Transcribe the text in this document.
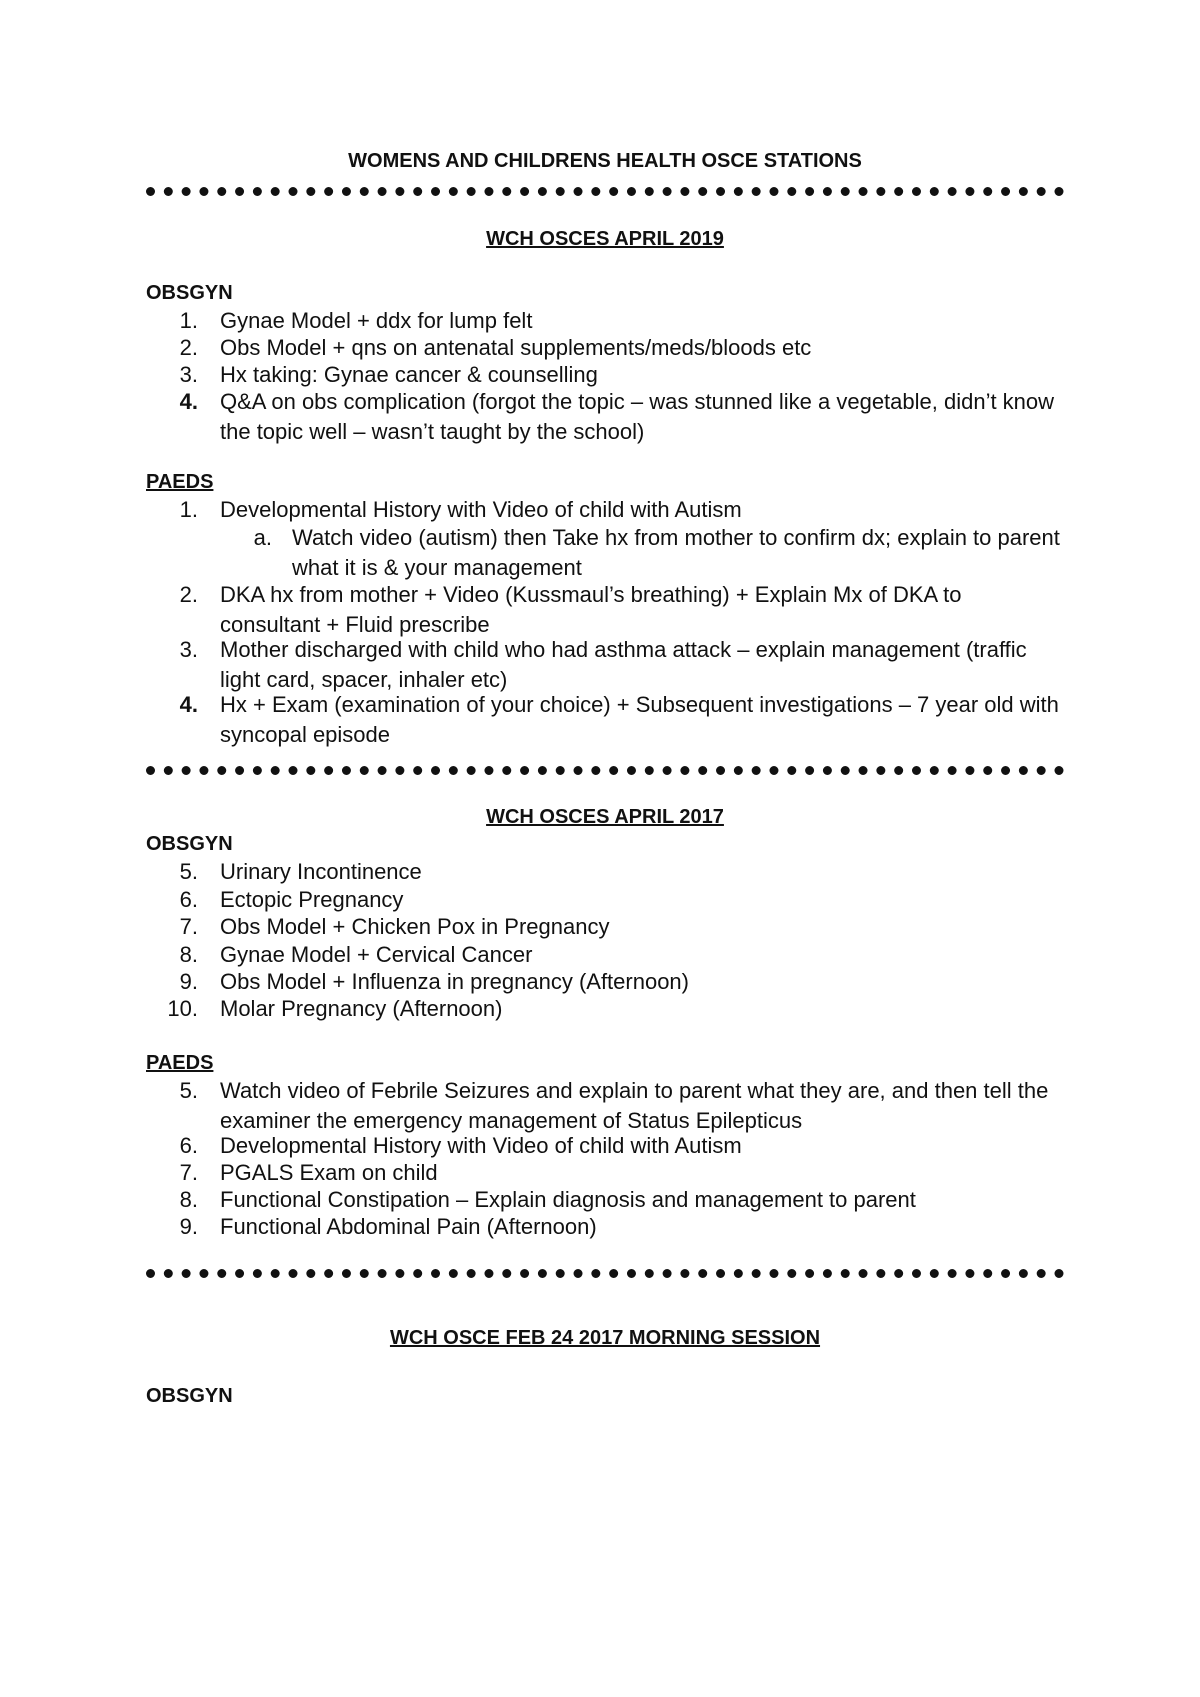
WOMENS AND CHILDRENS HEALTH OSCE STATIONS
WCH OSCES APRIL 2019
OBSGYN
1. Gynae Model + ddx for lump felt
2. Obs Model + qns on antenatal supplements/meds/bloods etc
3. Hx taking: Gynae cancer & counselling
4. Q&A on obs complication (forgot the topic – was stunned like a vegetable, didn’t know the topic well – wasn’t taught by the school)
PAEDS
1. Developmental History with Video of child with Autism
a. Watch video (autism) then Take hx from mother to confirm dx; explain to parent what it is & your management
2. DKA hx from mother + Video (Kussmaul’s breathing) + Explain Mx of DKA to consultant + Fluid prescribe
3. Mother discharged with child who had asthma attack – explain management (traffic light card, spacer, inhaler etc)
4. Hx + Exam (examination of your choice) + Subsequent investigations – 7 year old with syncopal episode
WCH OSCES APRIL 2017
OBSGYN
5. Urinary Incontinence
6. Ectopic Pregnancy
7. Obs Model + Chicken Pox in Pregnancy
8. Gynae Model + Cervical Cancer
9. Obs Model + Influenza in pregnancy (Afternoon)
10. Molar Pregnancy (Afternoon)
PAEDS
5. Watch video of Febrile Seizures and explain to parent what they are, and then tell the examiner the emergency management of Status Epilepticus
6. Developmental History with Video of child with Autism
7. PGALS Exam on child
8. Functional Constipation – Explain diagnosis and management to parent
9. Functional Abdominal Pain (Afternoon)
WCH OSCE FEB 24 2017 MORNING SESSION
OBSGYN
